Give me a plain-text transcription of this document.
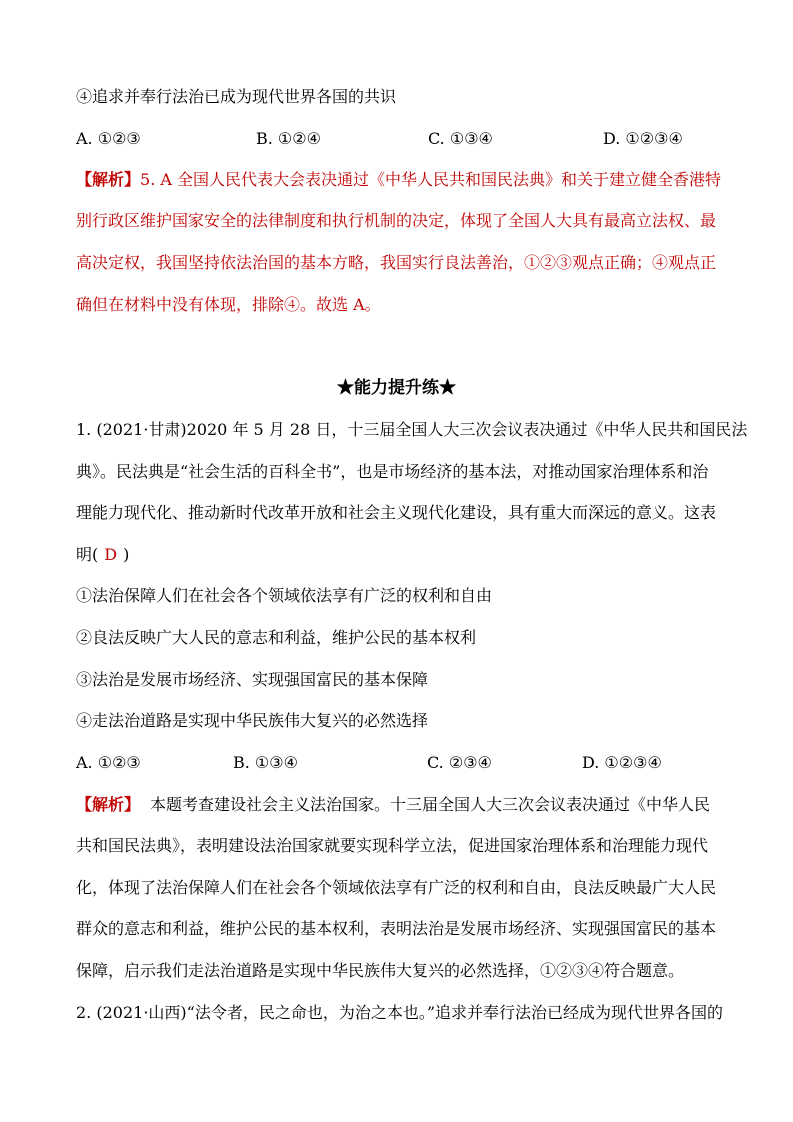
④追求并奉行法治已成为现代世界各国的共识
A. ①②③	B. ①②④	C. ①③④	D. ①②③④
【解析】5. A 全国人民代表大会表决通过《中华人民共和国民法典》和关于建立健全香港特
别行政区维护国家安全的法律制度和执行机制的决定，体现了全国人大具有最高立法权、最
高决定权，我国坚持依法治国的基本方略，我国实行良法善治，①②③观点正确；④观点正
确但在材料中没有体现，排除④。故选 A。
★能力提升练★
1. (2021·甘肃)2020 年 5 月 28 日，十三届全国人大三次会议表决通过《中华人民共和国民法
典》。民法典是“社会生活的百科全书”，也是市场经济的基本法，对推动国家治理体系和治
理能力现代化、推动新时代改革开放和社会主义现代化建设，具有重大而深远的意义。这表
明( D )
①法治保障人们在社会各个领域依法享有广泛的权利和自由
②良法反映广大人民的意志和利益，维护公民的基本权利
③法治是发展市场经济、实现强国富民的基本保障
④走法治道路是实现中华民族伟大复兴的必然选择
A. ①②③	B. ①③④	C. ②③④	D. ①②③④
【解析】 本题考查建设社会主义法治国家。十三届全国人大三次会议表决通过《中华人民
共和国民法典》，表明建设法治国家就要实现科学立法，促进国家治理体系和治理能力现代
化，体现了法治保障人们在社会各个领域依法享有广泛的权利和自由，良法反映最广大人民
群众的意志和利益，维护公民的基本权利，表明法治是发展市场经济、实现强国富民的基本
保障，启示我们走法治道路是实现中华民族伟大复兴的必然选择，①②③④符合题意。
2. (2021·山西)“法令者，民之命也，为治之本也。”追求并奉行法治已经成为现代世界各国的
